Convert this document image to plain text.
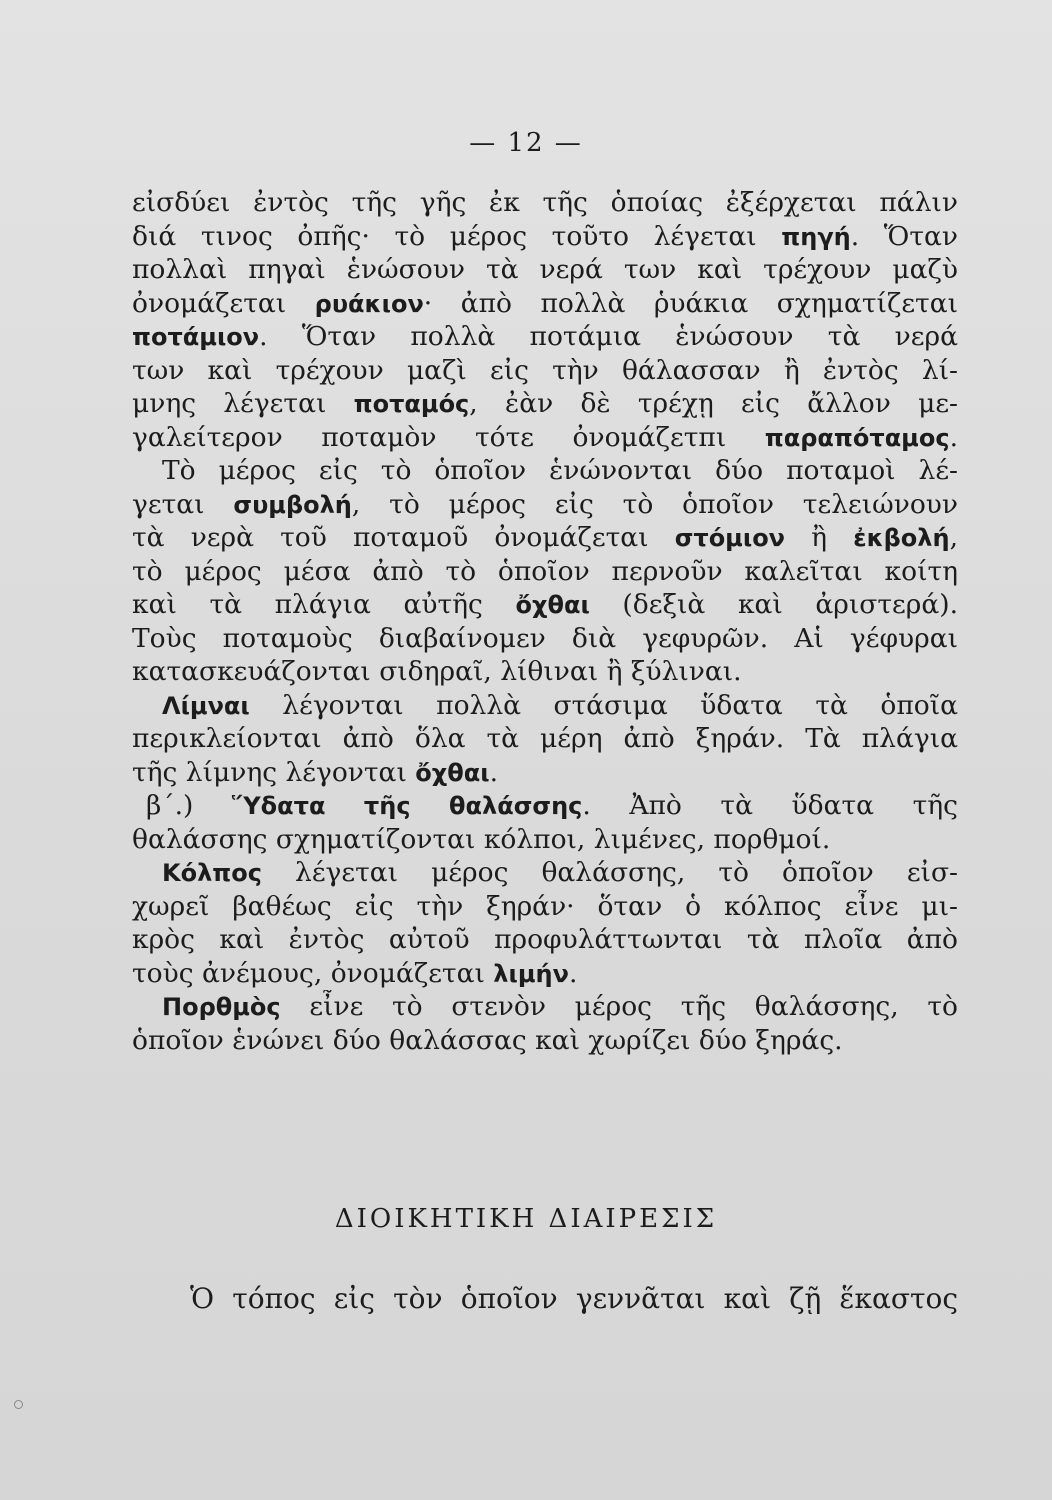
— 12 —
εἰσδύει ἐντὸς τῆς γῆς ἐκ τῆς ὁποίας ἐξέρχεται πάλιν
διά τινος ὀπῆς· τὸ μέρος τοῦτο λέγεται πηγή. Ὅταν
πολλαὶ πηγαὶ ἑνώσουν τὰ νερά των καὶ τρέχουν μαζὺ
ὀνομάζεται ρυάκιον· ἀπὸ πολλὰ ῥυάκια σχηματίζεται
ποτάμιον. Ὅταν πολλὰ ποτάμια ἑνώσουν τὰ νερά
των καὶ τρέχουν μαζὶ εἰς τὴν θάλασσαν ἢ ἐντὸς λί-
μνης λέγεται ποταμός, ἐὰν δὲ τρέχῃ εἰς ἄλλον με-
γαλείτερον ποταμὸν τότε ὀνομάζετπι παραπόταμος.
Τὸ μέρος εἰς τὸ ὁποῖον ἑνώνονται δύο ποταμοὶ λέ-
γεται συμβολή, τὸ μέρος εἰς τὸ ὁποῖον τελειώνουν
τὰ νερὰ τοῦ ποταμοῦ ὀνομάζεται στόμιον ἢ ἐκβολή,
τὸ μέρος μέσα ἀπὸ τὸ ὁποῖον περνοῦν καλεῖται κοίτη
καὶ τὰ πλάγια αὐτῆς ὄχθαι (δεξιὰ καὶ ἀριστερά).
Τοὺς ποταμοὺς διαβαίνομεν διὰ γεφυρῶν. Αἱ γέφυραι
κατασκευάζονται σιδηραῖ, λίθιναι ἢ ξύλιναι.
Λίμναι λέγονται πολλὰ στάσιμα ὕδατα τὰ ὁποῖα
περικλείονται ἀπὸ ὅλα τὰ μέρη ἀπὸ ξηράν. Τὰ πλάγια
τῆς λίμνης λέγονται ὄχθαι.
β΄.) Ὕδατα τῆς θαλάσσης. Ἀπὸ τὰ ὕδατα τῆς
θαλάσσης σχηματίζονται κόλποι, λιμένες, πορθμοί.
Κόλπος λέγεται μέρος θαλάσσης, τὸ ὁποῖον εἰσ-
χωρεῖ βαθέως εἰς τὴν ξηράν· ὅταν ὁ κόλπος εἶνε μι-
κρὸς καὶ ἐντὸς αὐτοῦ προφυλάττωνται τὰ πλοῖα ἀπὸ
τοὺς ἀνέμους, ὀνομάζεται λιμήν.
Πορθμὸς εἶνε τὸ στενὸν μέρος τῆς θαλάσσης, τὸ
ὁποῖον ἑνώνει δύο θαλάσσας καὶ χωρίζει δύο ξηράς.
ΔΙΟΙΚΗΤΙΚΗ ΔΙΑΙΡΕΣΙΣ
Ὁ τόπος εἰς τὸν ὁποῖον γεννᾶται καὶ ζῇ ἕκαστος
